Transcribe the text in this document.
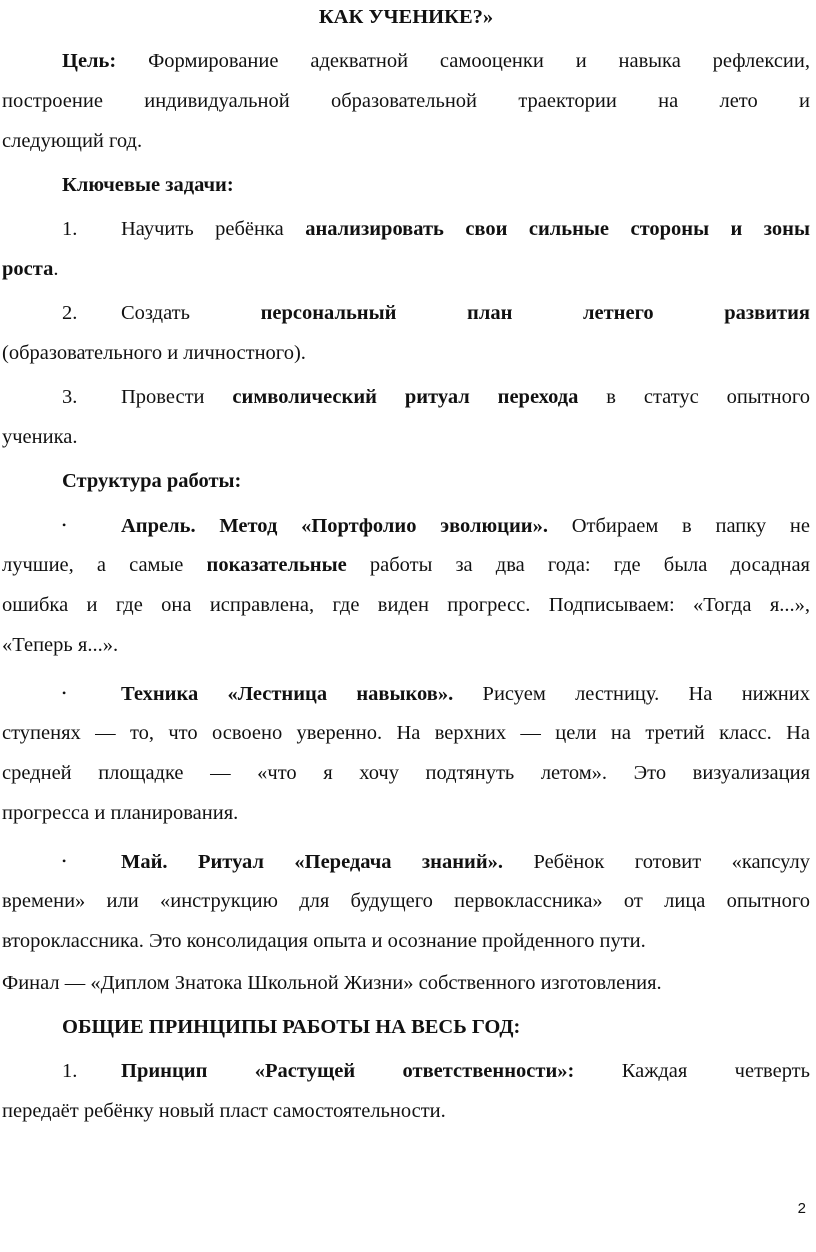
КАК УЧЕНИКЕ?»
Цель: Формирование адекватной самооценки и навыка рефлексии,
построение индивидуальной образовательной траектории на лето и
следующий год.
Ключевые задачи:
1. Научить ребёнка анализировать свои сильные стороны и зоны
роста.
2. Создать персональный план летнего развития
(образовательного и личностного).
3. Провести символический ритуал перехода в статус опытного
ученика.
Структура работы:
•	Апрель. Метод «Портфолио эволюции». Отбираем в папку не
лучшие, а самые показательные работы за два года: где была досадная
ошибка и где она исправлена, где виден прогресс. Подписываем: «Тогда я...»,
«Теперь я...».
•	Техника «Лестница навыков». Рисуем лестницу. На нижних
ступенях — то, что освоено уверенно. На верхних — цели на третий класс. На
средней площадке — «что я хочу подтянуть летом». Это визуализация
прогресса и планирования.
•	Май. Ритуал «Передача знаний». Ребёнок готовит «капсулу
времени» или «инструкцию для будущего первоклассника» от лица опытного
второклассника. Это консолидация опыта и осознание пройденного пути.
Финал — «Диплом Знатока Школьной Жизни» собственного изготовления.
ОБЩИЕ ПРИНЦИПЫ РАБОТЫ НА ВЕСЬ ГОД:
1. Принцип «Растущей ответственности»: Каждая четверть
передаёт ребёнку новый пласт самостоятельности.
2
